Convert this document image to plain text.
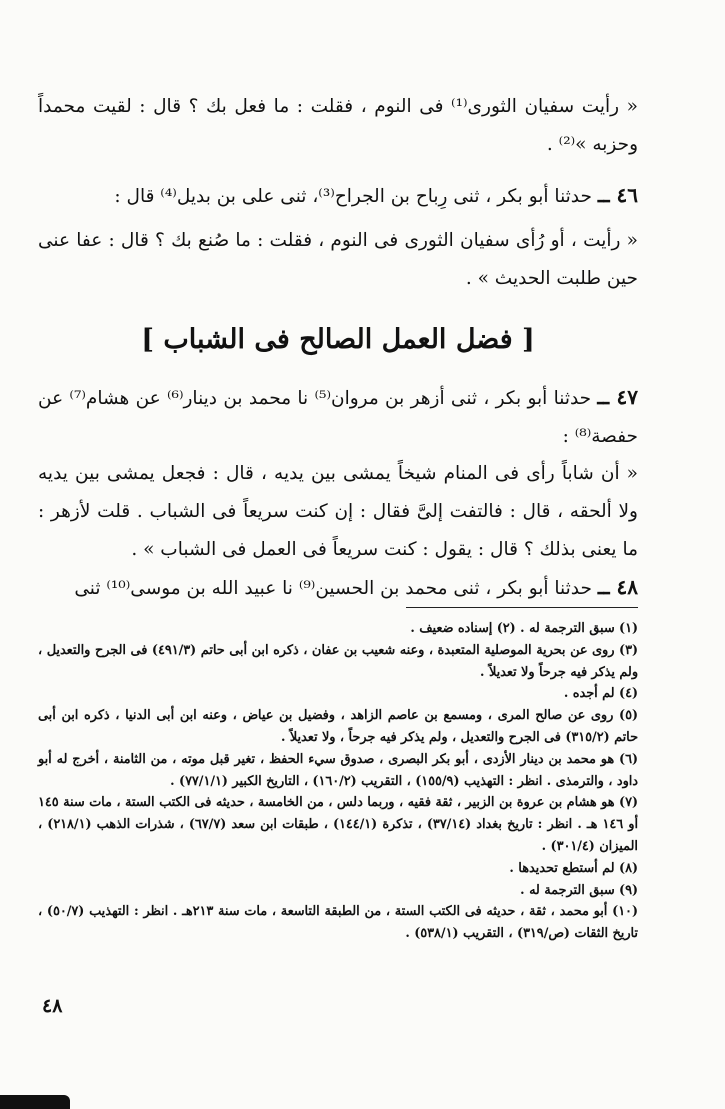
« رأيت سفيان الثورى⁽¹⁾ فى النوم ، فقلت : ما فعل بك ؟ قال : لقيت محمداً وحزبه »⁽²⁾ .

٤٦ ــ حدثنا أبو بكر ، ثنى رِباح بن الجراح⁽³⁾، ثنى على بن بديل⁽⁴⁾ قال :

« رأيت ، أو رُأى سفيان الثورى فى النوم ، فقلت : ما صُنع بك ؟ قال : عفا عنى حين طلبت الحديث » .

[ فضل العمل الصالح فى الشباب ]

٤٧ ــ حدثنا أبو بكر ، ثنى أزهر بن مروان⁽⁵⁾ نا محمد بن دينار⁽⁶⁾ عن هشام⁽⁷⁾ عن حفصة⁽⁸⁾ :

« أن شاباً رأى فى المنام شيخاً يمشى بين يديه ، قال : فجعل يمشى بين يديه ولا ألحقه ، قال : فالتفت إلىَّ فقال : إن كنت سريعاً فى الشباب . قلت لأزهر : ما يعنى بذلك ؟ قال : يقول : كنت سريعاً فى العمل فى الشباب » .

٤٨ ــ حدثنا أبو بكر ، ثنى محمد بن الحسين⁽⁹⁾ نا عبيد الله بن موسى⁽¹⁰⁾ ثنى

(١) سبق الترجمة له . (٢) إسناده ضعيف .

(٣) روى عن بحرية الموصلية المتعبدة ، وعنه شعيب بن عفان ، ذكره ابن أبى حاتم (٤٩١/٣) فى الجرح والتعديل ، ولم يذكر فيه جرحاً ولا تعديلاً .

(٤) لم أجده .

(٥) روى عن صالح المرى ، ومسمع بن عاصم الزاهد ، وفضيل بن عياض ، وعنه ابن أبى الدنيا ، ذكره ابن أبى حاتم (٣١٥/٢) فى الجرح والتعديل ، ولم يذكر فيه جرحاً ، ولا تعديلاً .

(٦) هو محمد بن دينار الأزدى ، أبو بكر البصرى ، صدوق سيء الحفظ ، تغير قبل موته ، من الثامنة ، أخرج له أبو داود ، والترمذى . انظر : التهذيب (١٥٥/٩) ، التقريب (١٦٠/٢) ، التاريخ الكبير (٧٧/١/١) .

(٧) هو هشام بن عروة بن الزبير ، ثقة فقيه ، وربما دلس ، من الخامسة ، حديثه فى الكتب الستة ، مات سنة ١٤٥ أو ١٤٦ هـ . انظر : تاريخ بغداد (٣٧/١٤) ، تذكرة (١٤٤/١) ، طبقات ابن سعد (٦٧/٧) ، شذرات الذهب (٢١٨/١) ، الميزان (٣٠١/٤) .

(٨) لم أستطع تحديدها .

(٩) سبق الترجمة له .

(١٠) أبو محمد ، ثقة ، حديثه فى الكتب الستة ، من الطبقة التاسعة ، مات سنة ٢١٣هـ . انظر : التهذيب (٥٠/٧) ، تاريخ الثقات (ص/٣١٩) ، التقريب (٥٣٨/١) .

٤٨
